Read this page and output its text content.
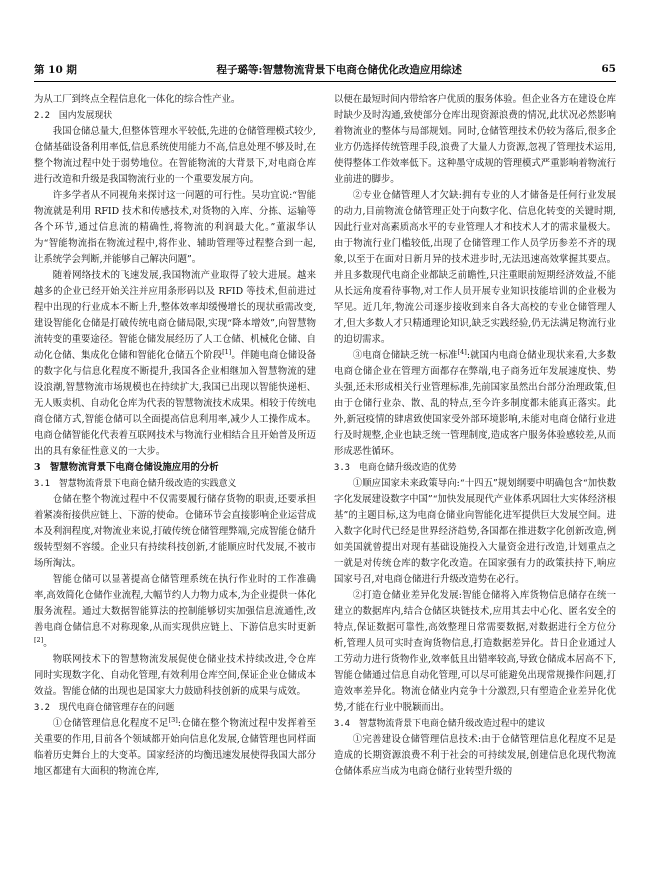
第 10 期	程子璐等:智慧物流背景下电商仓储优化改造应用综述	65

为从工厂到终点全程信息化一体化的综合性产业。

2.2　国内发展现状

我国仓储总量大,但整体管理水平较低,先进的仓储管理模式较少,仓储基础设备利用率低,信息系统使用能力不高,信息处理不够及时,在整个物流过程中处于弱势地位。在智能物流的大背景下,对电商仓库进行改造和升级是我国物流行业的一个重要发展方向。

许多学者从不同视角来探讨这一问题的可行性。吴功宜说:“智能物流就是利用 RFID 技术和传感技术,对货物的入库、分拣、运输等各个环节,通过信息流的精确性,将物流的利润最大化。”董淑华认为“智能物流指在物流过程中,将作业、辅助管理等过程整合到一起,让系统学会判断,并能够自己解决问题”。

随着网络技术的飞速发展,我国物流产业取得了较大进展。越来越多的企业已经开始关注并应用条形码以及 RFID 等技术,但前进过程中出现的行业成本不断上升,整体效率却缓慢增长的现状亟需改变,建设智能化仓储是打破传统电商仓储局限,实现“降本增效”,向智慧物流转变的重要途径。智能仓储发展经历了人工仓储、机械化仓储、自动化仓储、集成化仓储和智能化仓储五个阶段[1]。伴随电商仓储设备的数字化与信息化程度不断提升,我国各企业相继加入智慧物流的建设浪潮,智慧物流市场规模也在持续扩大,我国已出现以智能快递柜、无人贩卖机、自动化仓库为代表的智慧物流技术成果。相较于传统电商仓储方式,智能仓储可以全面提高信息利用率,减少人工操作成本。电商仓储智能化代表着互联网技术与物流行业相结合且开始普及所迈出的具有象征性意义的一大步。

3　智慧物流背景下电商仓储设施应用的分析
3.1　智慧物流背景下电商仓储升级改造的实践意义

仓储在整个物流过程中不仅需要履行储存货物的职责,还要承担着紧凑衔接供应链上、下游的使命。仓储环节会直接影响企业运营成本及利润程度,对物流业来说,打破传统仓储管理弊端,完成智能仓储升级转型刻不容缓。企业只有持续科技创新,才能顺应时代发展,不被市场所淘汰。

智能仓储可以显著提高仓储管理系统在执行作业时的工作准确率,高效简化仓储作业流程,大幅节约人力物力成本,为企业提供一体化服务流程。通过大数据智能算法的控制能够切实加强信息流通性,改善电商仓储信息不对称现象,从而实现供应链上、下游信息实时更新[2]。

物联网技术下的智慧物流发展促使仓储业技术持续改进,令仓库同时实现数字化、自动化管理,有效利用仓库空间,保证企业仓储成本效益。智能仓储的出现也是国家大力鼓励科技创新的成果与成效。

3.2　现代电商仓储管理存在的问题

①仓储管理信息化程度不足[3]:仓储在整个物流过程中发挥着至关重要的作用,目前各个领域都开始向信息化发展,仓储管理也同样面临着历史舞台上的大变革。国家经济的均衡迅速发展使得我国大部分地区都建有大面积的物流仓库,

以便在最短时间内带给客户优质的服务体验。但企业各方在建设仓库时缺少及时沟通,致使部分仓库出现资源浪费的情况,此状况必然影响着物流业的整体与局部规划。同时,仓储管理技术仍较为落后,很多企业方仍选择传统管理手段,浪费了大量人力资源,忽视了管理技术运用,使得整体工作效率低下。这种墨守成规的管理模式严重影响着物流行业前进的脚步。

②专业仓储管理人才欠缺:拥有专业的人才储备是任何行业发展的动力,目前物流仓储管理正处于向数字化、信息化转变的关键时期,因此行业对高素质高水平的专业管理人才和技术人才的需求量极大。由于物流行业门槛较低,出现了仓储管理工作人员学历参差不齐的现象,以至于在面对日新月异的技术进步时,无法迅速高效掌握其要点。并且多数现代电商企业都缺乏前瞻性,只注重眼前短期经济效益,不能从长远角度看待事物,对工作人员开展专业知识技能培训的企业极为罕见。近几年,物流公司逐步接收到来自各大高校的专业仓储管理人才,但大多数人才只精通理论知识,缺乏实践经验,仍无法满足物流行业的迫切需求。

③电商仓储缺乏统一标准[4]:就国内电商仓储业现状来看,大多数电商仓储企业在管理方面都存在弊端,电子商务近年发展速度快、势头强,还未形成相关行业管理标准,先前国家虽然出台部分治理政策,但由于仓储行业杂、散、乱的特点,至今许多制度都未能真正落实。此外,新冠疫情的肆虐致使国家受外部环境影响,未能对电商仓储行业进行及时规整,企业也缺乏统一管理制度,造成客户服务体验感较差,从而形成恶性循环。

3.3　电商仓储升级改造的优势

①顺应国家未来政策导向:“十四五”规划纲要中明确包含“加快数字化发展建设数字中国”“加快发展现代产业体系巩固壮大实体经济根基”的主题目标,这为电商仓储业向智能化进军提供巨大发展空间。进入数字化时代已经是世界经济趋势,各国都在推进数字化创新改造,例如美国就曾提出对现有基础设施投入大量资金进行改造,计划重点之一就是对传统仓库的数字化改造。在国家强有力的政策扶持下,响应国家号召,对电商仓储进行升级改造势在必行。

②打造仓储业差异化发展:智能仓储将入库货物信息储存在统一建立的数据库内,结合仓储区块链技术,应用其去中心化、匿名安全的特点,保证数据可靠性,高效整理日常需要数据,对数据进行全方位分析,管理人员可实时查询货物信息,打造数据差异化。昔日企业通过人工劳动力进行货物作业,效率低且出错率较高,导致仓储成本居高不下,智能仓储通过信息自动化管理,可以尽可能避免出现常规操作问题,打造效率差异化。物流仓储业内竞争十分激烈,只有塑造企业差异化优势,才能在行业中脱颖而出。

3.4　智慧物流背景下电商仓储升级改造过程中的建议

①完善建设仓储管理信息技术:由于仓储管理信息化程度不足是造成的长期资源浪费不利于社会的可持续发展,创建信息化现代物流仓储体系应当成为电商仓储行业转型升级的
